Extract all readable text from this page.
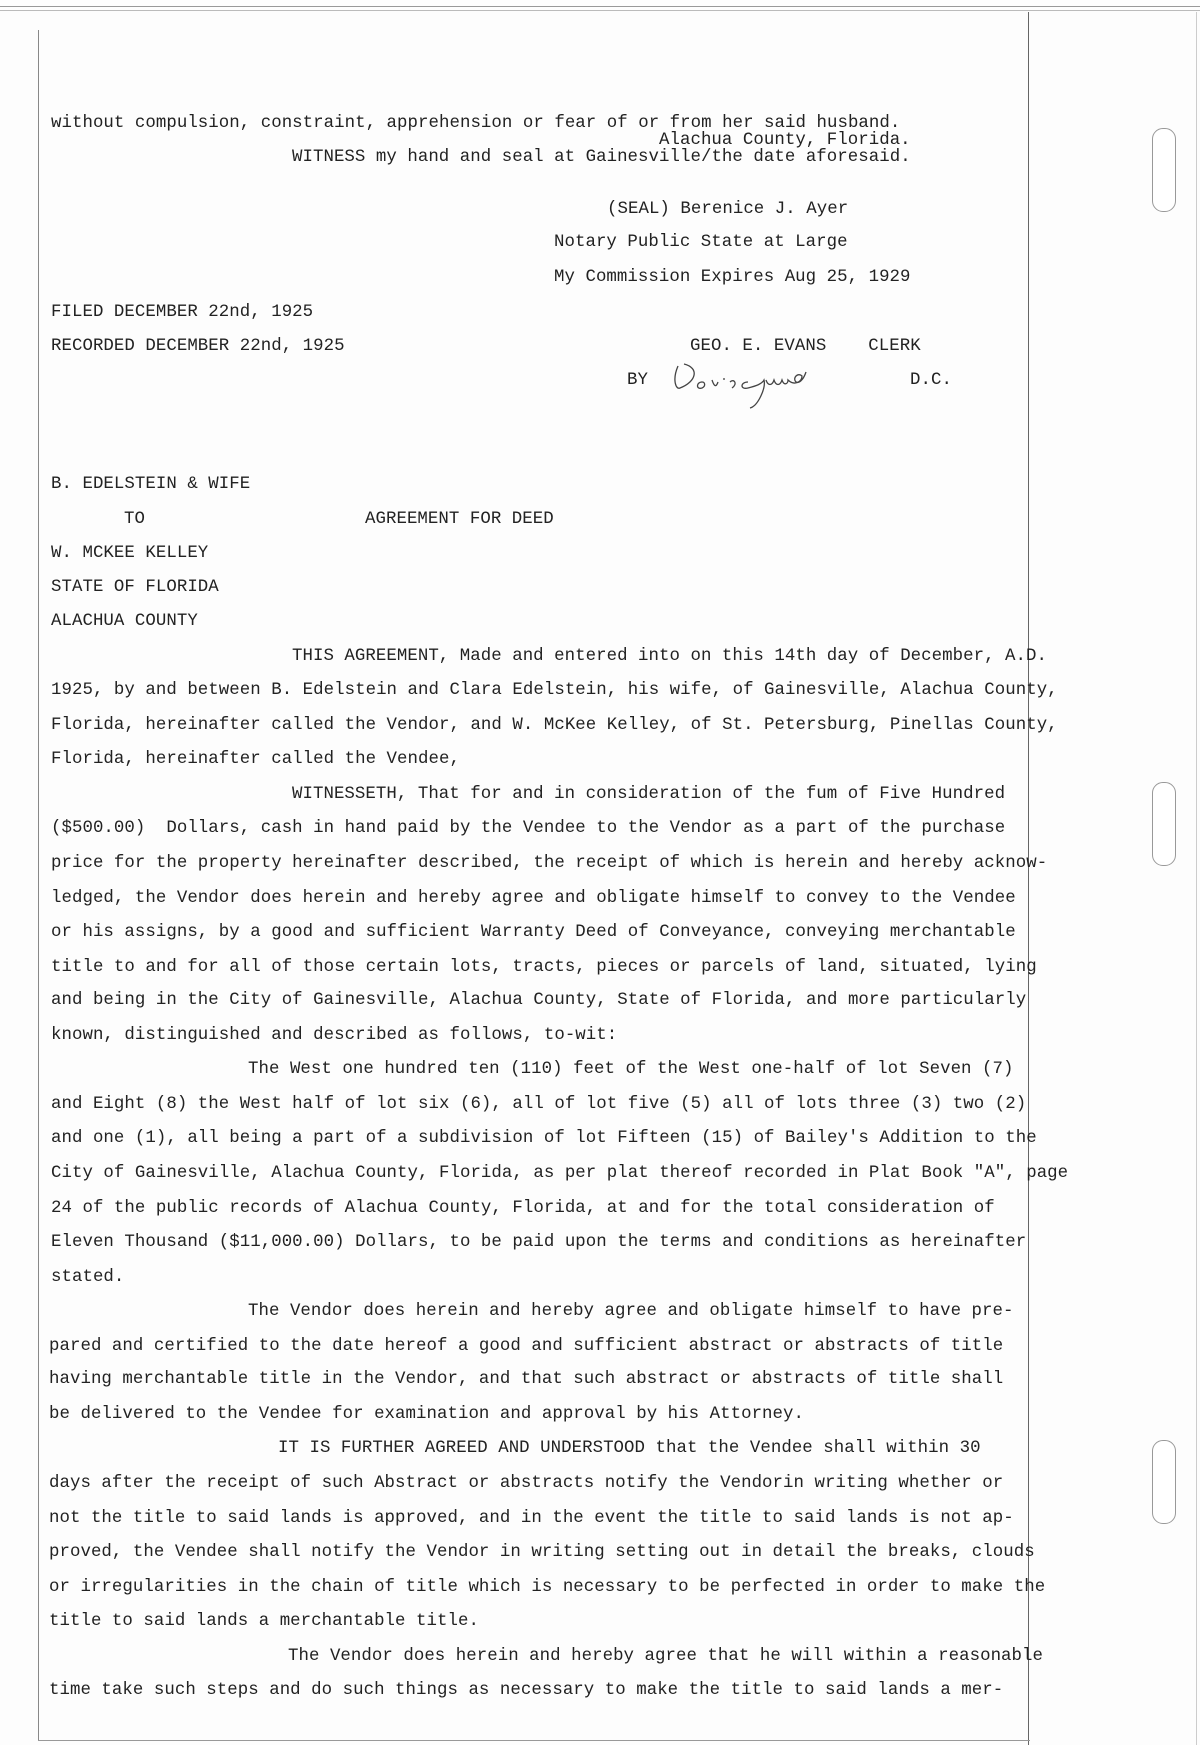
without compulsion, constraint, apprehension or fear of or from her said husband.
Alachua County, Florida.
WITNESS my hand and seal at Gainesville/the date aforesaid.
(SEAL) Berenice J. Ayer
Notary Public State at Large
My Commission Expires Aug 25, 1929
FILED DECEMBER 22nd, 1925
RECORDED DECEMBER 22nd, 1925	GEO. E. EVANS    CLERK
BY	D.C.
B. EDELSTEIN & WIFE
TO	AGREEMENT FOR DEED
W. MCKEE KELLEY
STATE OF FLORIDA
ALACHUA COUNTY
THIS AGREEMENT, Made and entered into on this 14th day of December, A.D.
1925, by and between B. Edelstein and Clara Edelstein, his wife, of Gainesville, Alachua County,
Florida, hereinafter called the Vendor, and W. McKee Kelley, of St. Petersburg, Pinellas County,
Florida, hereinafter called the Vendee,
WITNESSETH, That for and in consideration of the fum of Five Hundred
($500.00)  Dollars, cash in hand paid by the Vendee to the Vendor as a part of the purchase
price for the property hereinafter described, the receipt of which is herein and hereby acknow-
ledged, the Vendor does herein and hereby agree and obligate himself to convey to the Vendee
or his assigns, by a good and sufficient Warranty Deed of Conveyance, conveying merchantable
title to and for all of those certain lots, tracts, pieces or parcels of land, situated, lying
and being in the City of Gainesville, Alachua County, State of Florida, and more particularly
known, distinguished and described as follows, to-wit:
The West one hundred ten (110) feet of the West one-half of lot Seven (7)
and Eight (8) the West half of lot six (6), all of lot five (5) all of lots three (3) two (2)
and one (1), all being a part of a subdivision of lot Fifteen (15) of Bailey's Addition to the
City of Gainesville, Alachua County, Florida, as per plat thereof recorded in Plat Book "A", page
24 of the public records of Alachua County, Florida, at and for the total consideration of
Eleven Thousand ($11,000.00) Dollars, to be paid upon the terms and conditions as hereinafter
stated.
The Vendor does herein and hereby agree and obligate himself to have pre-
pared and certified to the date hereof a good and sufficient abstract or abstracts of title
having merchantable title in the Vendor, and that such abstract or abstracts of title shall
be delivered to the Vendee for examination and approval by his Attorney.
IT IS FURTHER AGREED AND UNDERSTOOD that the Vendee shall within 30
days after the receipt of such Abstract or abstracts notify the Vendorin writing whether or
not the title to said lands is approved, and in the event the title to said lands is not ap-
proved, the Vendee shall notify the Vendor in writing setting out in detail the breaks, clouds
or irregularities in the chain of title which is necessary to be perfected in order to make the
title to said lands a merchantable title.
The Vendor does herein and hereby agree that he will within a reasonable
time take such steps and do such things as necessary to make the title to said lands a mer-
